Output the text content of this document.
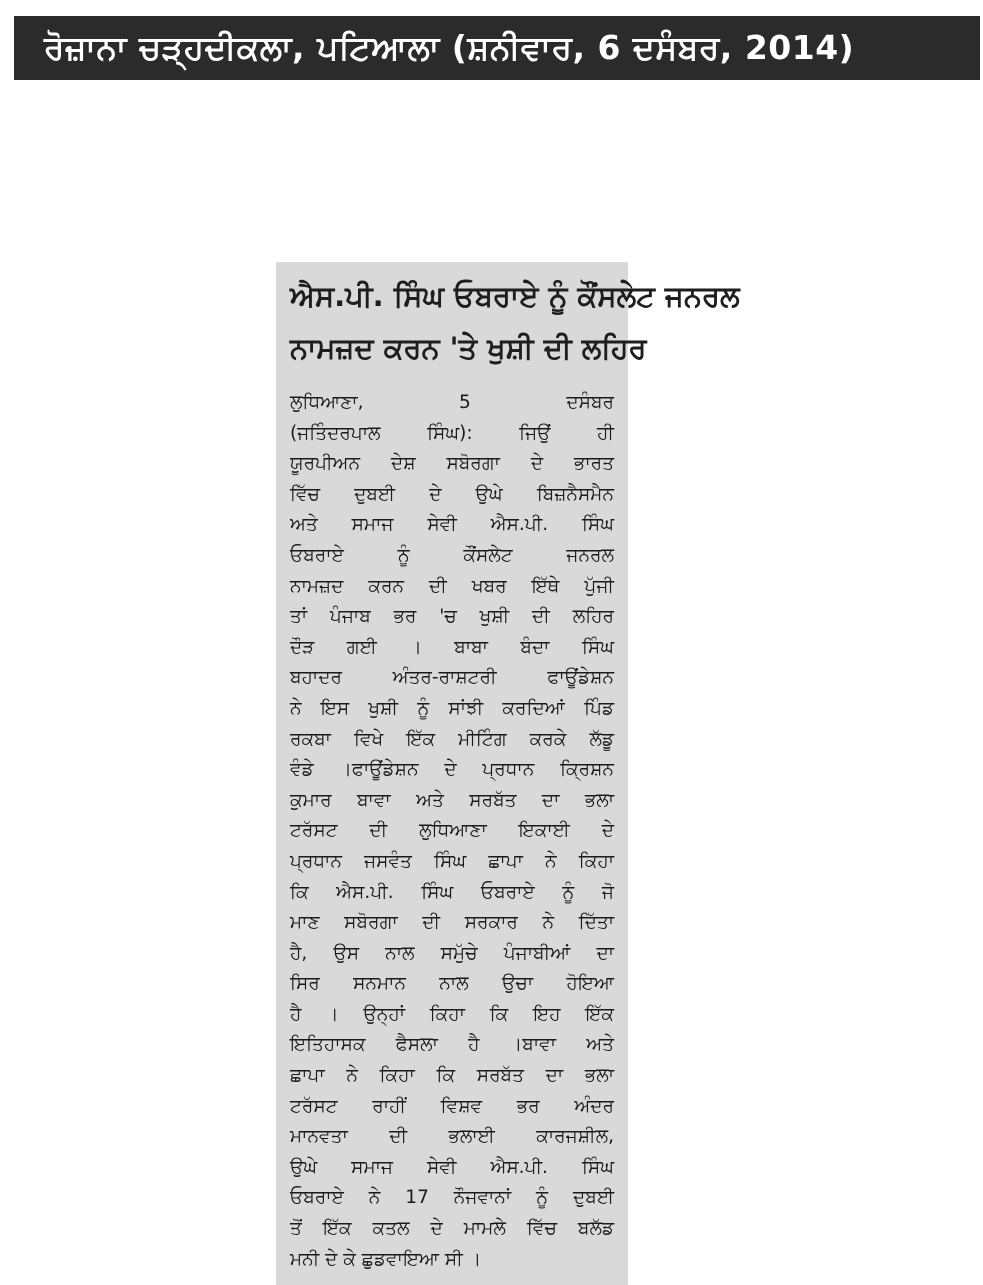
ਰੋਜ਼ਾਨਾ ਚੜ੍ਹਦੀਕਲਾ, ਪਟਿਆਲਾ (ਸ਼ਨੀਵਾਰ, 6 ਦਸੰਬਰ, 2014)
ਐਸ.ਪੀ. ਸਿੰਘ ਓਬਰਾਏ ਨੂੰ ਕੌਂਸਲੇਟ ਜਨਰਲ
ਨਾਮਜ਼ਦ ਕਰਨ 'ਤੇ ਖੁਸ਼ੀ ਦੀ ਲਹਿਰ
ਲੁਧਿਆਣਾ, 5 ਦਸੰਬਰ
(ਜਤਿੰਦਰਪਾਲ ਸਿੰਘ): ਜਿਉਂ ਹੀ
ਯੂਰਪੀਅਨ ਦੇਸ਼ ਸਬੋਰਗਾ ਦੇ ਭਾਰਤ
ਵਿੱਚ ਦੁਬਈ ਦੇ ਉਘੇ ਬਿਜ਼ਨੈਸਮੈਨ
ਅਤੇ ਸਮਾਜ ਸੇਵੀ ਐਸ.ਪੀ. ਸਿੰਘ
ਓਬਰਾਏ ਨੂੰ ਕੌਂਸਲੇਟ ਜਨਰਲ
ਨਾਮਜ਼ਦ ਕਰਨ ਦੀ ਖਬਰ ਇੱਥੇ ਪੁੱਜੀ
ਤਾਂ ਪੰਜਾਬ ਭਰ 'ਚ ਖੁਸ਼ੀ ਦੀ ਲਹਿਰ
ਦੌੜ ਗਈ । ਬਾਬਾ ਬੰਦਾ ਸਿੰਘ
ਬਹਾਦਰ ਅੰਤਰ-ਰਾਸ਼ਟਰੀ ਫਾਊਂਡੇਸ਼ਨ
ਨੇ ਇਸ ਖੁਸ਼ੀ ਨੂੰ ਸਾਂਝੀ ਕਰਦਿਆਂ ਪਿੰਡ
ਰਕਬਾ ਵਿਖੇ ਇੱਕ ਮੀਟਿੰਗ ਕਰਕੇ ਲੱਡੂ
ਵੰਡੇ ।ਫਾਊਂਡੇਸ਼ਨ ਦੇ ਪ੍ਰਧਾਨ ਕ੍ਰਿਸ਼ਨ
ਕੁਮਾਰ ਬਾਵਾ ਅਤੇ ਸਰਬੱਤ ਦਾ ਭਲਾ
ਟਰੱਸਟ ਦੀ ਲੁਧਿਆਣਾ ਇਕਾਈ ਦੇ
ਪ੍ਰਧਾਨ ਜਸਵੰਤ ਸਿੰਘ ਛਾਪਾ ਨੇ ਕਿਹਾ
ਕਿ ਐਸ.ਪੀ. ਸਿੰਘ ਓਬਰਾਏ ਨੂੰ ਜੋ
ਮਾਣ ਸਬੋਰਗਾ ਦੀ ਸਰਕਾਰ ਨੇ ਦਿੱਤਾ
ਹੈ, ਉਸ ਨਾਲ ਸਮੁੱਚੇ ਪੰਜਾਬੀਆਂ ਦਾ
ਸਿਰ ਸਨਮਾਨ ਨਾਲ ਉਚਾ ਹੋਇਆ
ਹੈ । ਉਨ੍ਹਾਂ ਕਿਹਾ ਕਿ ਇਹ ਇੱਕ
ਇਤਿਹਾਸਕ ਫੈਸਲਾ ਹੈ ।ਬਾਵਾ ਅਤੇ
ਛਾਪਾ ਨੇ ਕਿਹਾ ਕਿ ਸਰਬੱਤ ਦਾ ਭਲਾ
ਟਰੱਸਟ ਰਾਹੀਂ ਵਿਸ਼ਵ ਭਰ ਅੰਦਰ
ਮਾਨਵਤਾ ਦੀ ਭਲਾਈ ਕਾਰਜਸ਼ੀਲ,
ਉਘੇ ਸਮਾਜ ਸੇਵੀ ਐਸ.ਪੀ. ਸਿੰਘ
ਓਬਰਾਏ ਨੇ 17 ਨੌਜਵਾਨਾਂ ਨੂੰ ਦੁਬਈ
ਤੋਂ ਇੱਕ ਕਤਲ ਦੇ ਮਾਮਲੇ ਵਿੱਚ ਬਲੱਡ
ਮਨੀ ਦੇ ਕੇ ਛੁਡਵਾਇਆ ਸੀ ।
